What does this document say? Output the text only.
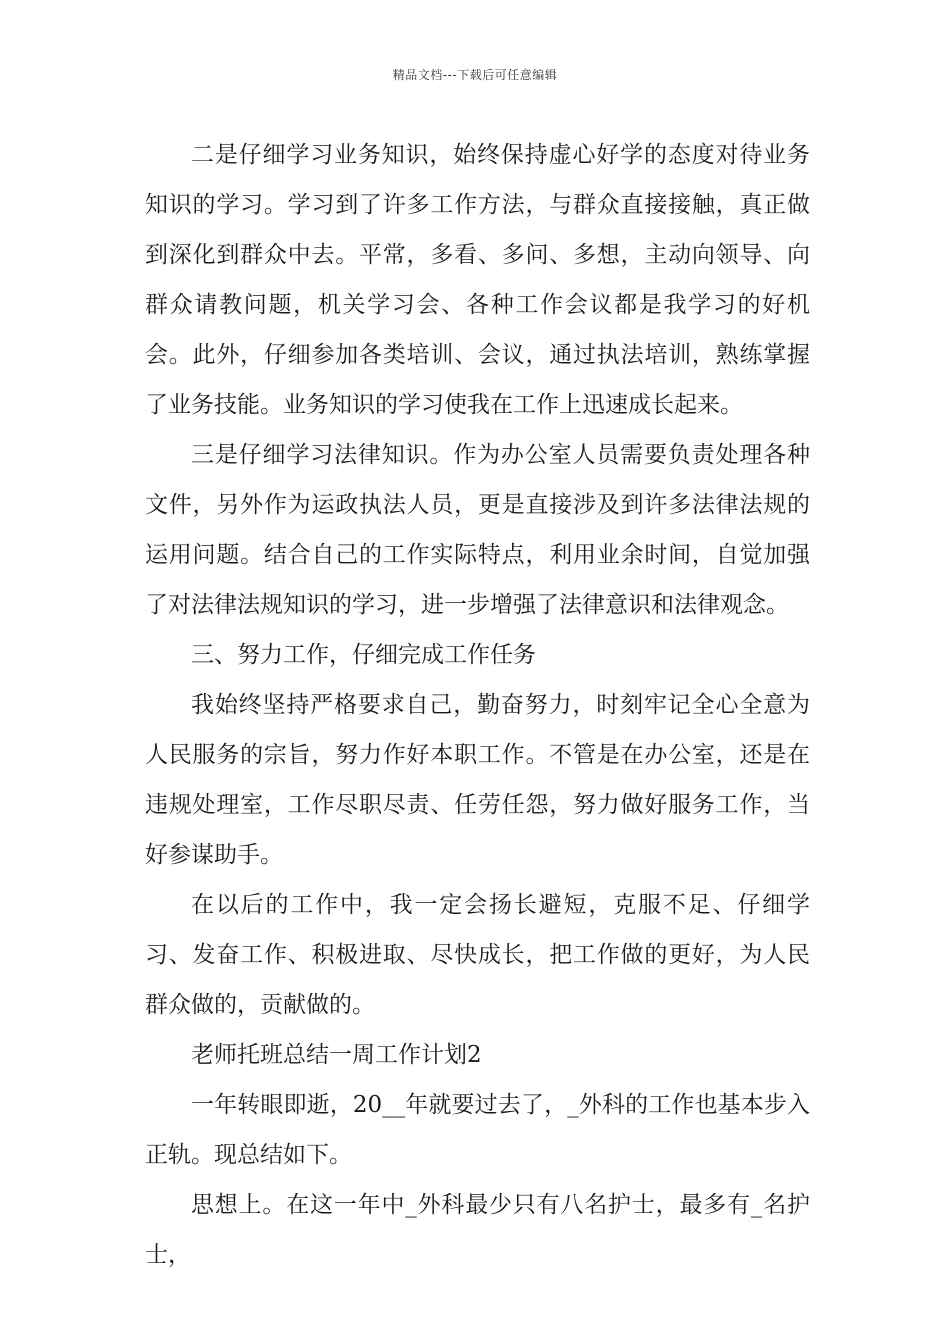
精品文档---下载后可任意编辑

二是仔细学习业务知识，始终保持虚心好学的态度对待业务知识的学习。学习到了许多工作方法，与群众直接接触，真正做到深化到群众中去。平常，多看、多问、多想，主动向领导、向群众请教问题，机关学习会、各种工作会议都是我学习的好机会。此外，仔细参加各类培训、会议，通过执法培训，熟练掌握了业务技能。业务知识的学习使我在工作上迅速成长起来。

三是仔细学习法律知识。作为办公室人员需要负责处理各种文件，另外作为运政执法人员，更是直接涉及到许多法律法规的运用问题。结合自己的工作实际特点，利用业余时间，自觉加强了对法律法规知识的学习，进一步增强了法律意识和法律观念。

三、努力工作，仔细完成工作任务

我始终坚持严格要求自己，勤奋努力，时刻牢记全心全意为人民服务的宗旨，努力作好本职工作。不管是在办公室，还是在违规处理室，工作尽职尽责、任劳任怨，努力做好服务工作，当好参谋助手。

在以后的工作中，我一定会扬长避短，克服不足、仔细学习、发奋工作、积极进取、尽快成长，把工作做的更好，为人民群众做的，贡献做的。

老师托班总结一周工作计划2

一年转眼即逝，20__年就要过去了，_外科的工作也基本步入正轨。现总结如下。

思想上。在这一年中_外科最少只有八名护士，最多有_名护士，
